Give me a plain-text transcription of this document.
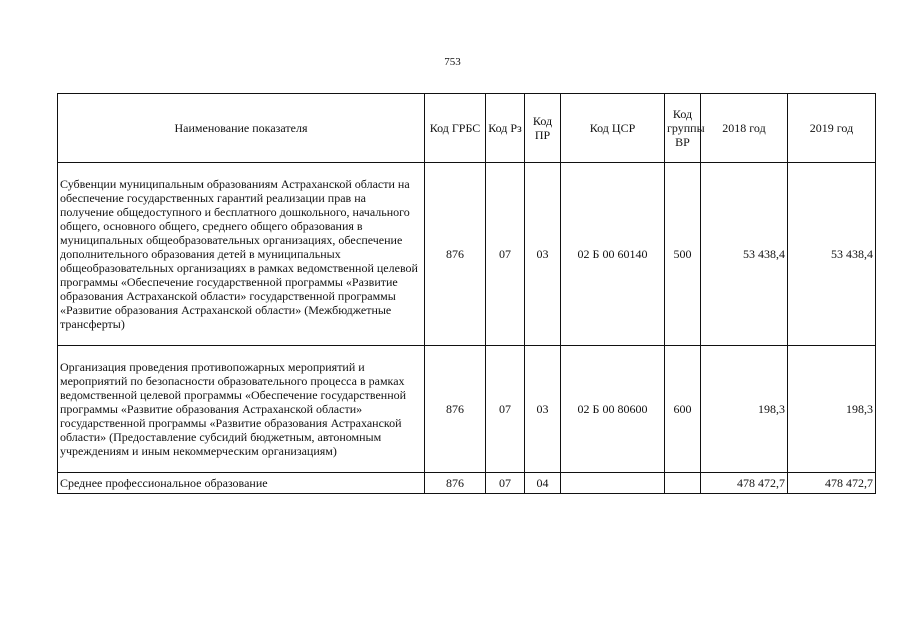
753
Наименование показателя	Код ГРБС	Код Рз	Код ПР	Код ЦСР	Код группы ВР	2018 год	2019 год
Субвенции муниципальным образованиям Астраханской области на обеспечение государственных гарантий реализации прав на получение общедоступного и бесплатного дошкольного, начального общего, основного общего, среднего общего образования в муниципальных общеобразовательных организациях, обеспечение дополнительного образования детей в муниципальных общеобразовательных организациях в рамках ведомственной целевой программы «Обеспечение государственной программы «Развитие образования Астраханской области» государственной программы «Развитие образования Астраханской области» (Межбюджетные трансферты)	876	07	03	02 Б 00 60140	500	53 438,4	53 438,4
Организация проведения противопожарных мероприятий и мероприятий по безопасности образовательного процесса в рамках ведомственной целевой программы «Обеспечение государственной программы «Развитие образования Астраханской области» государственной программы «Развитие образования Астраханской области» (Предоставление субсидий бюджетным, автономным учреждениям и иным некоммерческим организациям)	876	07	03	02 Б 00 80600	600	198,3	198,3
Среднее профессиональное образование	876	07	04			478 472,7	478 472,7
